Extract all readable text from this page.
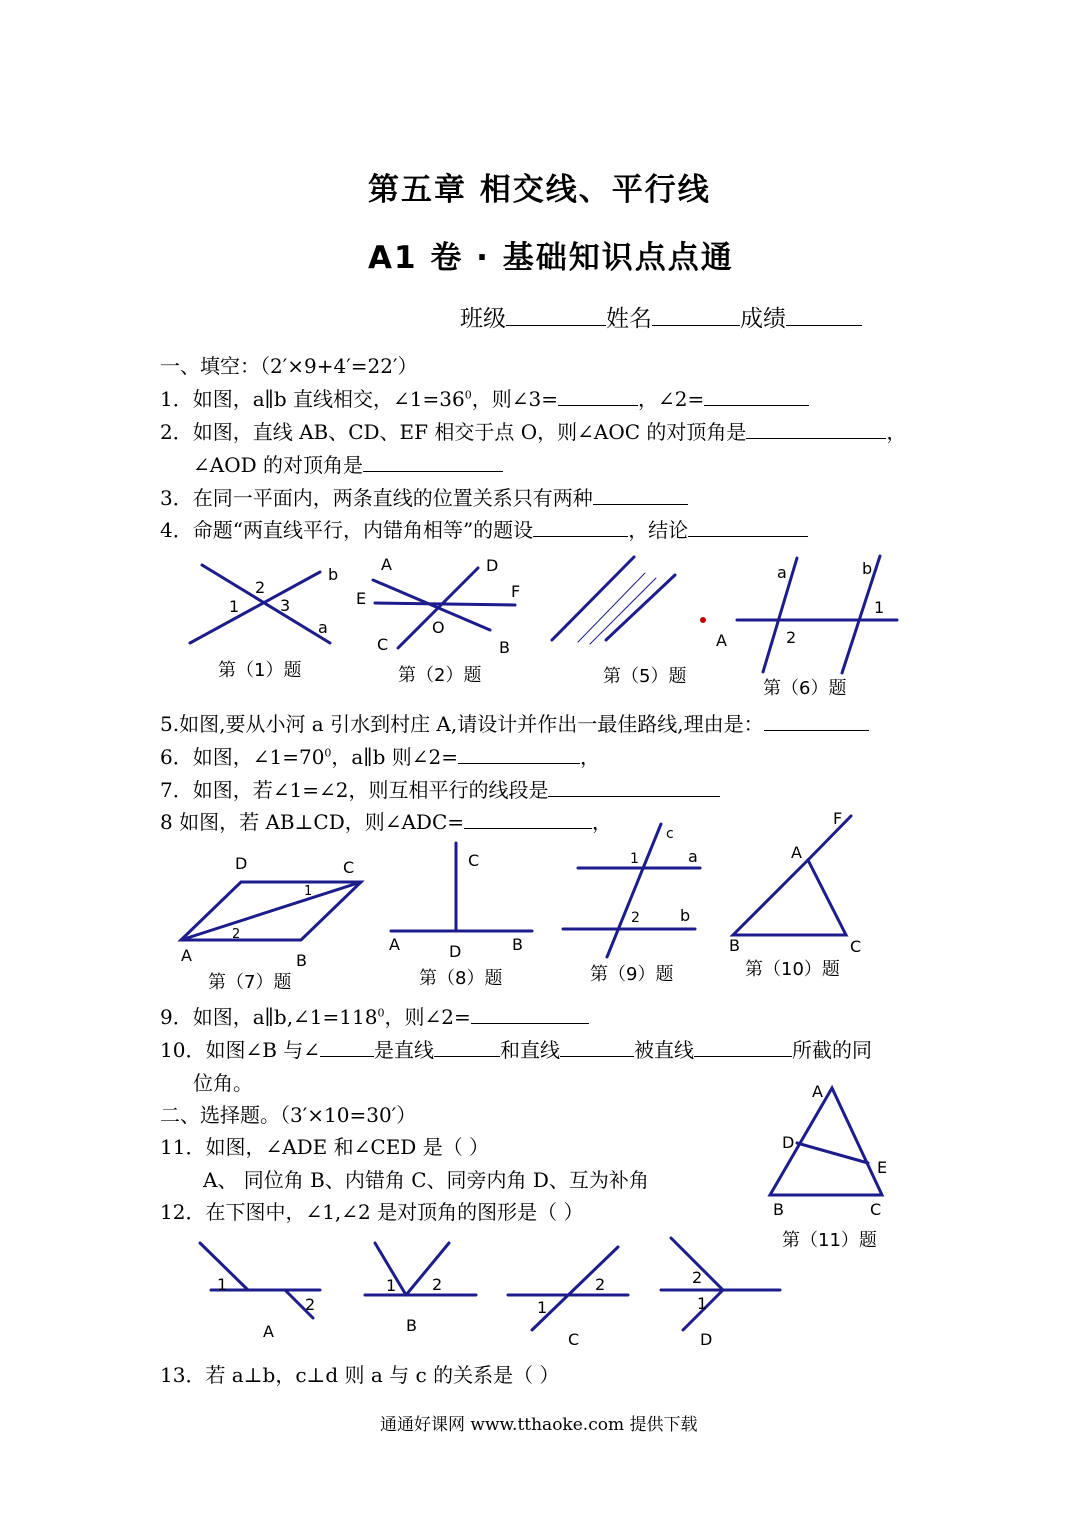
第五章 相交线、平行线
A1 卷 · 基础知识点点通
班级	姓名	成绩
一、填空：（2′×9+4′=22′）
1．如图，a∥b 直线相交，$\angle 1=36^0$，则∠3=	，∠2=
2．如图，直线 AB、CD、EF 相交于点 O，则∠AOC 的对顶角是	，
∠AOD 的对顶角是
3．在同一平面内，两条直线的位置关系只有两种
4．命题“两直线平行，内错角相等”的题设	，结论
5.如图,要从小河 a 引水到村庄 A,请设计并作出一最佳路线,理由是：
6．如图，$\angle 1=70^0$，a∥b 则∠2=	，
7．如图，若∠1=∠2，则互相平行的线段是
8 如图，若 AB⊥CD，则∠ADC=	，
9．如图，$a\parallel b,\angle 1=118^0$，则∠2=
10．如图∠B 与∠	是直线	和直线	被直线	所截的同
位角。
二、选择题。（3′×10=30′）
11．如图，∠ADE 和∠CED 是（ ）
A、 同位角 B、内错角 C、同旁内角 D、互为补角
12．在下图中，∠1,∠2 是对顶角的图形是（ ）
13．若 a⊥b，c⊥d 则 a 与 c 的关系是（ ）
通通好课网 www.tthaoke.com 提供下载
b
a
2
1	3
第（1）题
A	D
F
E
C
O
B
第（2）题
A
第（5）题
a	b
1
2
第（6）题
D	C
1
2
A	B
第（7）题
C
A	D	B
第（8）题
c
1	a
2	b
第（9）题
F
A
B	C
第（10）题
A
D
E
B	C
第（11）题
1
2
A
1 2
B
1
2
C
2
1
D
